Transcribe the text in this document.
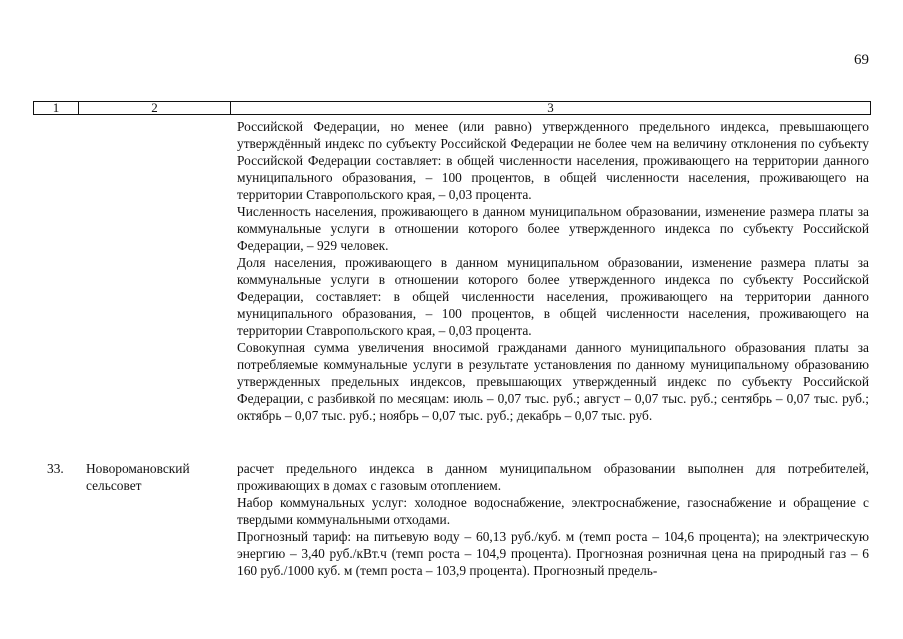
69
1	2	3

Российской Федерации, но менее (или равно) утвержденного предельного индекса, превышающего утверждённый индекс по субъекту Российской Федерации не более чем на величину отклонения по субъекту Российской Федерации составляет: в общей численности населения, проживающего на территории данного муниципального образования, – 100 процентов, в общей численности населения, проживающего на территории Ставропольского края, – 0,03 процента.

Численность населения, проживающего в данном муниципальном образовании, изменение размера платы за коммунальные услуги в отношении которого более утвержденного индекса по субъекту Российской Федерации, – 929 человек.

Доля населения, проживающего в данном муниципальном образовании, изменение размера платы за коммунальные услуги в отношении которого более утвержденного индекса по субъекту Российской Федерации, составляет: в общей численности населения, проживающего на территории данного муниципального образования, – 100 процентов, в общей численности населения, проживающего на территории Ставропольского края, – 0,03 процента.

Совокупная сумма увеличения вносимой гражданами данного муниципального образования платы за потребляемые коммунальные услуги в результате установления по данному муниципальному образованию утвержденных предельных индексов, превышающих утвержденный индекс по субъекту Российской Федерации, с разбивкой по месяцам: июль – 0,07 тыс. руб.; август – 0,07 тыс. руб.; сентябрь – 0,07 тыс. руб.; октябрь – 0,07 тыс. руб.; ноябрь – 0,07 тыс. руб.; декабрь – 0,07 тыс. руб.

33. Новоромановский сельсовет

расчет предельного индекса в данном муниципальном образовании выполнен для потребителей, проживающих в домах с газовым отоплением.

Набор коммунальных услуг: холодное водоснабжение, электроснабжение, газоснабжение и обращение с твердыми коммунальными отходами.

Прогнозный тариф: на питьевую воду – 60,13 руб./куб. м (темп роста – 104,6 процента); на электрическую энергию – 3,40 руб./кВт.ч (темп роста – 104,9 процента). Прогнозная розничная цена на природный газ – 6 160 руб./1000 куб. м (темп роста – 103,9 процента). Прогнозный предель-
